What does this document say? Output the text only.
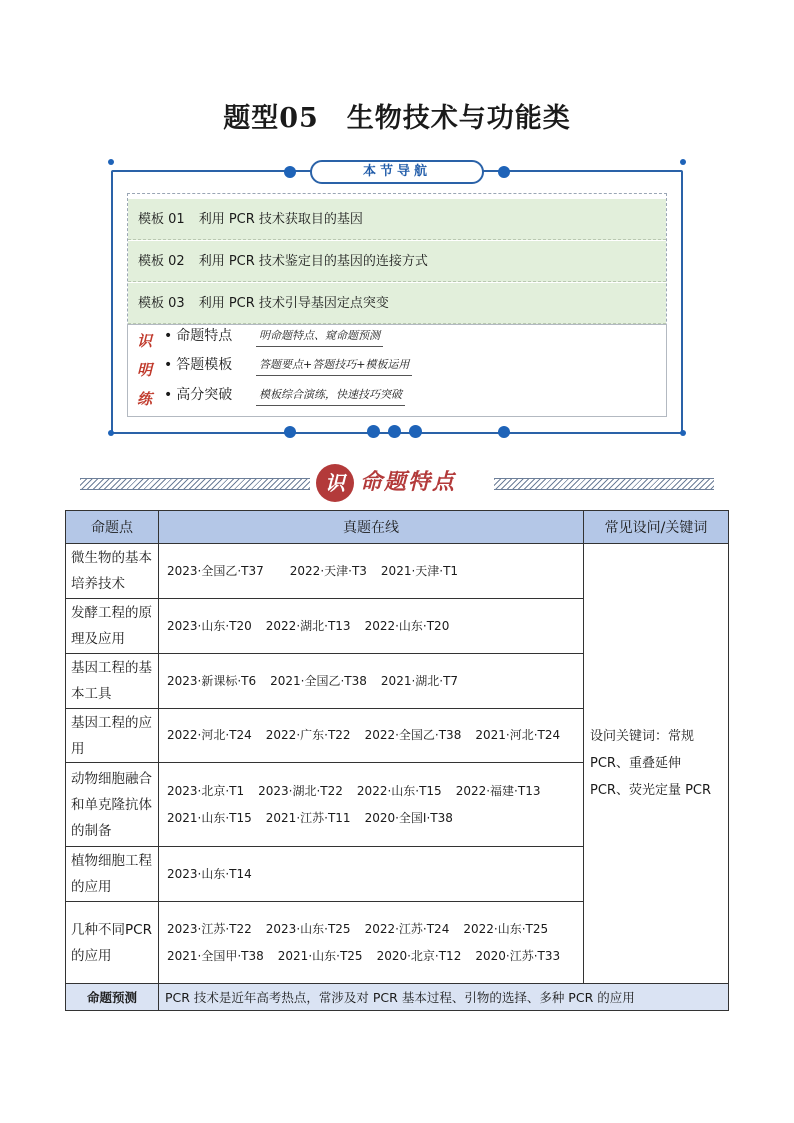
题型05　生物技术与功能类
本节导航
模板 01 利用 PCR 技术获取目的基因
模板 02 利用 PCR 技术鉴定目的基因的连接方式
模板 03 利用 PCR 技术引导基因定点突变
识
明
练
• 命题特点 明命题特点、窥命题预测
• 答题模板 答题要点+答题技巧+模板运用
• 高分突破 模板综合演练，快速技巧突破
识 命题特点
命题点	真题在线	常见设问/关键词
微生物的基本培养技术	2023·全国乙·T37 2022·天津·T3 2021·天津·T1	设问关键词：常规PCR、重叠延伸 PCR、荧光定量 PCR
发酵工程的原理及应用	2023·山东·T20 2022·湖北·T13 2022·山东·T20	
基因工程的基本工具	2023·新课标·T6 2021·全国乙·T38 2021·湖北·T7	
基因工程的应用	2022·河北·T24 2022·广东·T22 2022·全国乙·T38 2021·河北·T24	
动物细胞融合和单克隆抗体的制备	2023·北京·T1 2023·湖北·T22 2022·山东·T15 2022·福建·T13
2021·山东·T15 2021·江苏·T11 2020·全国Ⅰ·T38	
植物细胞工程的应用	2023·山东·T14	
几种不同PCR 的应用	2023·江苏·T22 2023·山东·T25 2022·江苏·T24 2022·山东·T25
2021·全国甲·T38 2021·山东·T25 2020·北京·T12 2020·江苏·T33	
命题预测	PCR 技术是近年高考热点，常涉及对 PCR 基本过程、引物的选择、多种 PCR 的应用	
